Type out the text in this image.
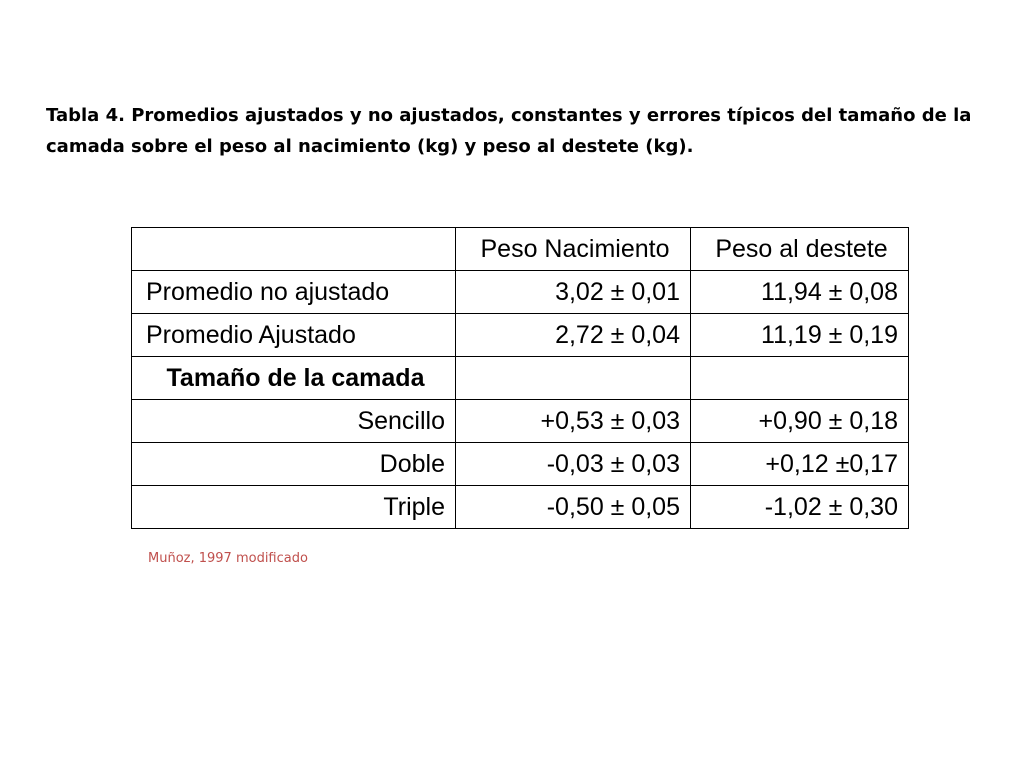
Tabla 4. Promedios ajustados y no ajustados, constantes y errores típicos del tamaño de la camada sobre el peso al nacimiento (kg) y peso al destete (kg).

	Peso Nacimiento	Peso al destete
Promedio no ajustado	3,02 ± 0,01	11,94 ± 0,08
Promedio Ajustado	2,72 ± 0,04	11,19 ± 0,19
Tamaño de la camada		
Sencillo	+0,53 ± 0,03	+0,90 ± 0,18
Doble	-0,03 ± 0,03	+0,12 ±0,17
Triple	-0,50 ± 0,05	-1,02 ± 0,30

Muñoz, 1997 modificado
